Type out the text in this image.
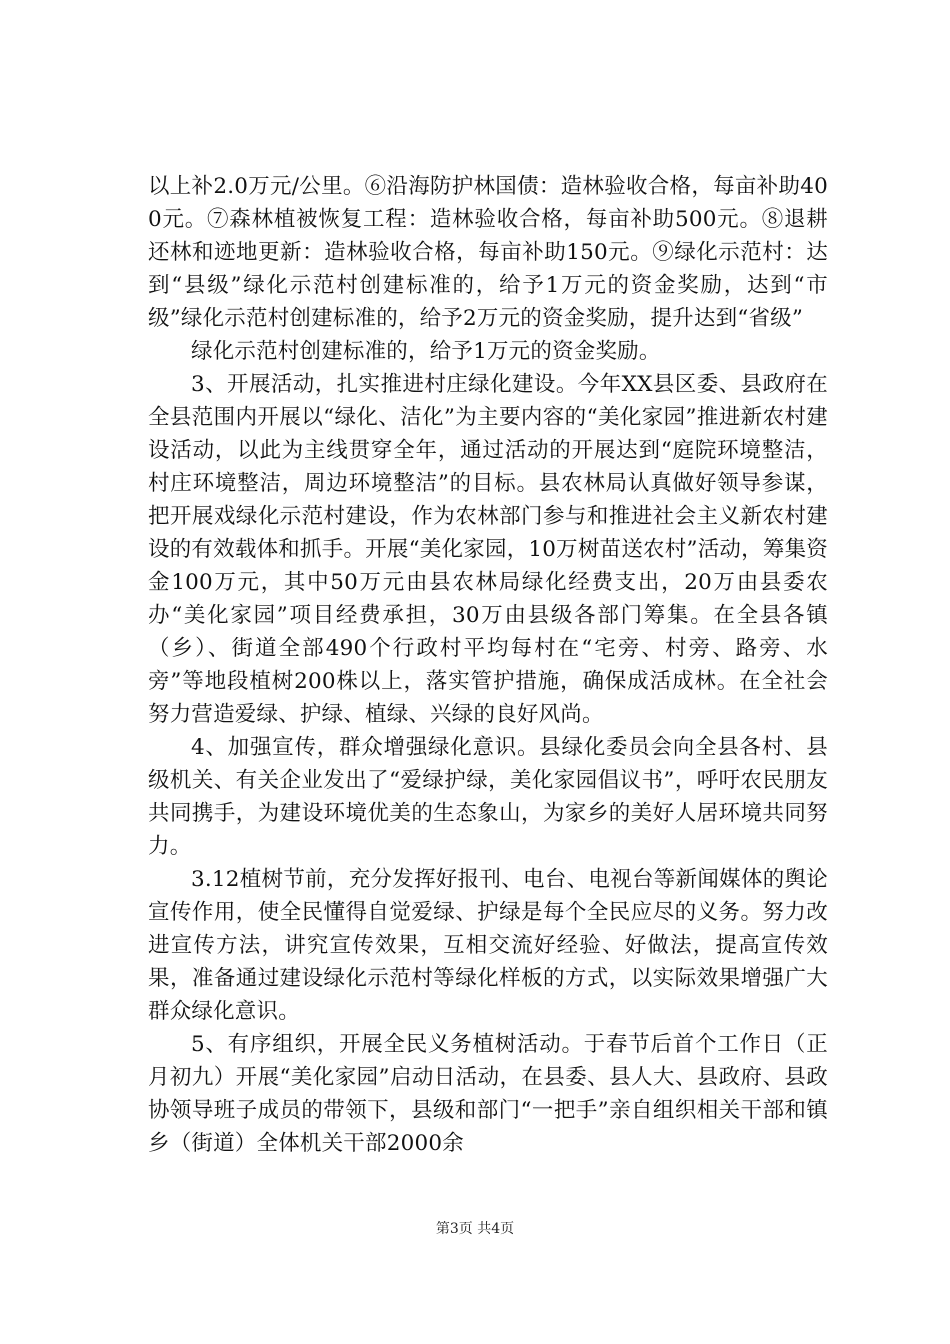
以上补2.0万元/公里。⑥沿海防护林国债：造林验收合格，每亩补助400元。⑦森林植被恢复工程：造林验收合格，每亩补助500元。⑧退耕还林和迹地更新：造林验收合格，每亩补助150元。⑨绿化示范村：达到“县级”绿化示范村创建标准的，给予1万元的资金奖励，达到“市级”绿化示范村创建标准的，给予2万元的资金奖励，提升达到“省级”

绿化示范村创建标准的，给予1万元的资金奖励。

3、开展活动，扎实推进村庄绿化建设。今年XX县区委、县政府在全县范围内开展以“绿化、洁化”为主要内容的“美化家园”推进新农村建设活动，以此为主线贯穿全年，通过活动的开展达到“庭院环境整洁，村庄环境整洁，周边环境整洁”的目标。县农林局认真做好领导参谋，把开展戏绿化示范村建设，作为农林部门参与和推进社会主义新农村建设的有效载体和抓手。开展“美化家园，10万树苗送农村”活动，筹集资金100万元，其中50万元由县农林局绿化经费支出，20万由县委农办“美化家园”项目经费承担，30万由县级各部门筹集。在全县各镇（乡）、街道全部490个行政村平均每村在“宅旁、村旁、路旁、水旁”等地段植树200株以上，落实管护措施，确保成活成林。在全社会努力营造爱绿、护绿、植绿、兴绿的良好风尚。

4、加强宣传，群众增强绿化意识。县绿化委员会向全县各村、县级机关、有关企业发出了“爱绿护绿，美化家园倡议书”，呼吁农民朋友共同携手，为建设环境优美的生态象山，为家乡的美好人居环境共同努力。

3.12植树节前，充分发挥好报刊、电台、电视台等新闻媒体的舆论宣传作用，使全民懂得自觉爱绿、护绿是每个全民应尽的义务。努力改进宣传方法，讲究宣传效果，互相交流好经验、好做法，提高宣传效果，准备通过建设绿化示范村等绿化样板的方式，以实际效果增强广大群众绿化意识。

5、有序组织，开展全民义务植树活动。于春节后首个工作日（正月初九）开展“美化家园”启动日活动，在县委、县人大、县政府、县政协领导班子成员的带领下，县级和部门“一把手”亲自组织相关干部和镇乡（街道）全体机关干部2000余

第3页 共4页
